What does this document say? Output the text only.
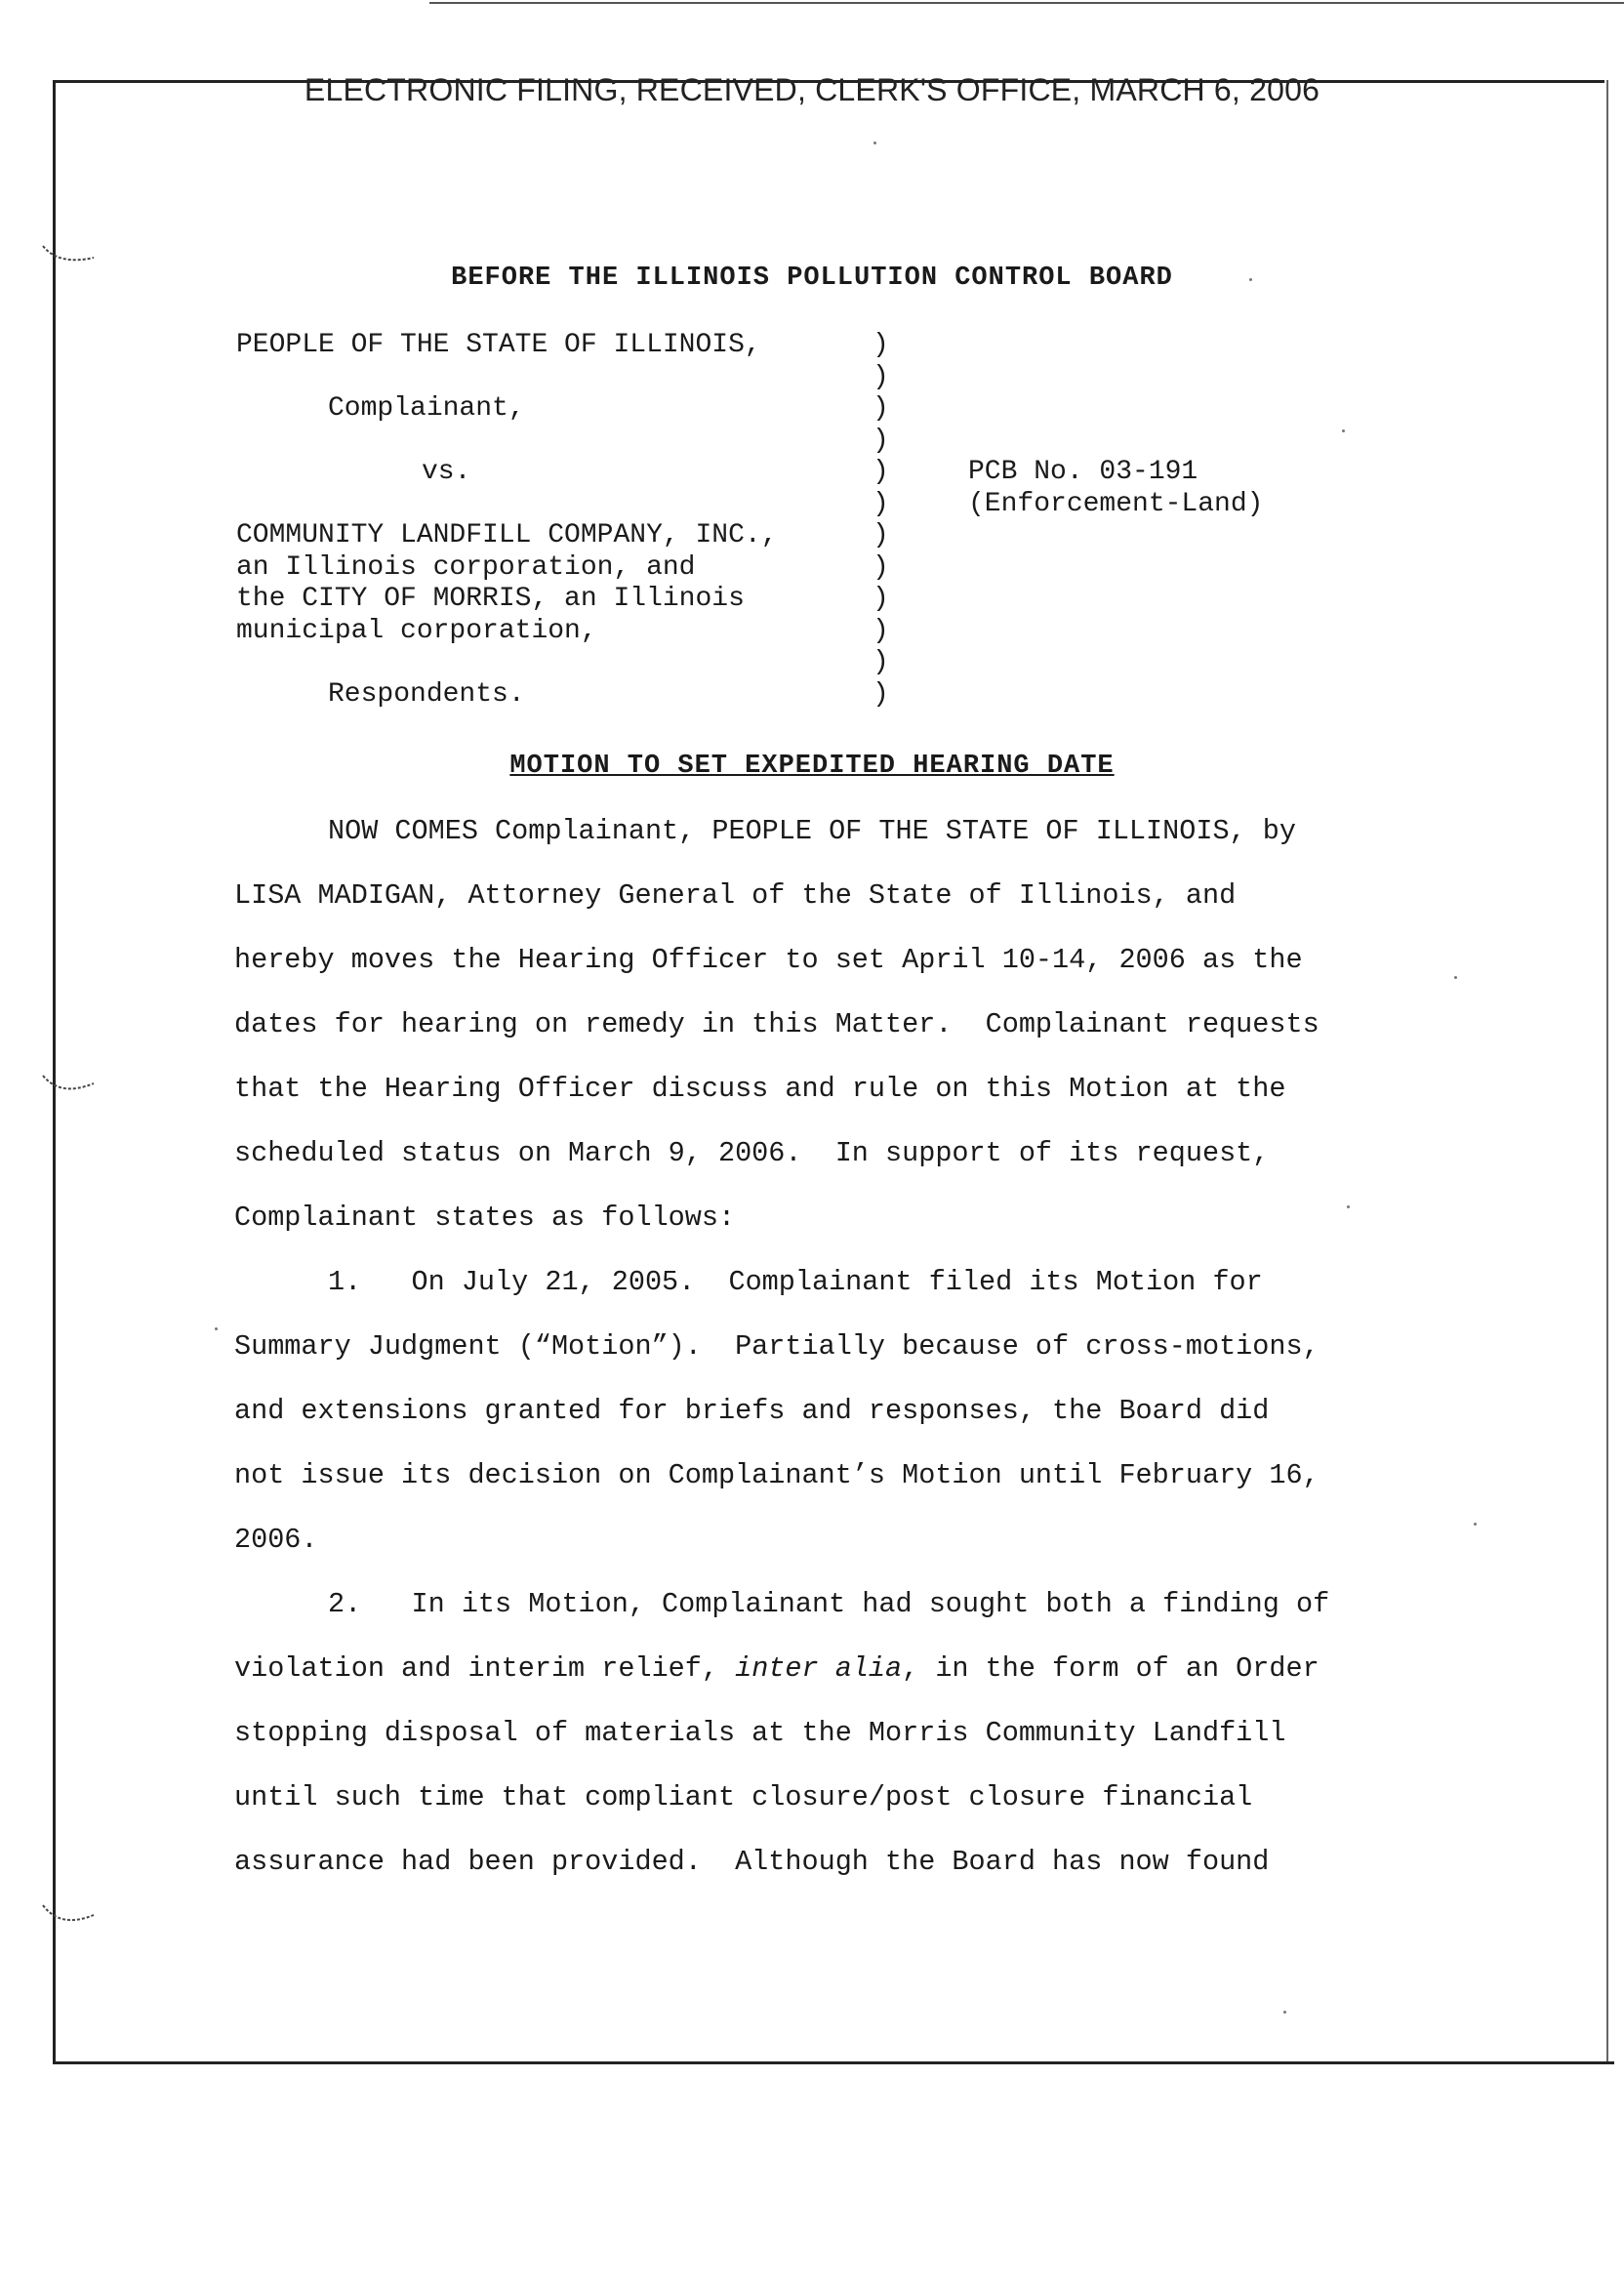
ELECTRONIC FILING, RECEIVED, CLERK'S OFFICE, MARCH 6, 2006
BEFORE THE ILLINOIS POLLUTION CONTROL BOARD
PEOPLE OF THE STATE OF ILLINOIS,
Complainant,
vs.
COMMUNITY LANDFILL COMPANY, INC.,
an Illinois corporation, and
the CITY OF MORRIS, an Illinois
municipal corporation,
Respondents.
)
)
)
)
)
)
)
)
)
)
)
)
PCB No. 03-191
(Enforcement-Land)
MOTION TO SET EXPEDITED HEARING DATE
NOW COMES Complainant, PEOPLE OF THE STATE OF ILLINOIS, by
LISA MADIGAN, Attorney General of the State of Illinois, and
hereby moves the Hearing Officer to set April 10-14, 2006 as the
dates for hearing on remedy in this Matter.  Complainant requests
that the Hearing Officer discuss and rule on this Motion at the
scheduled status on March 9, 2006.  In support of its request,
Complainant states as follows:
1.   On July 21, 2005.  Complainant filed its Motion for
Summary Judgment (“Motion”).  Partially because of cross-motions,
and extensions granted for briefs and responses, the Board did
not issue its decision on Complainant’s Motion until February 16,
2006.
2.   In its Motion, Complainant had sought both a finding of
violation and interim relief, inter alia, in the form of an Order
stopping disposal of materials at the Morris Community Landfill
until such time that compliant closure/post closure financial
assurance had been provided.  Although the Board has now found
